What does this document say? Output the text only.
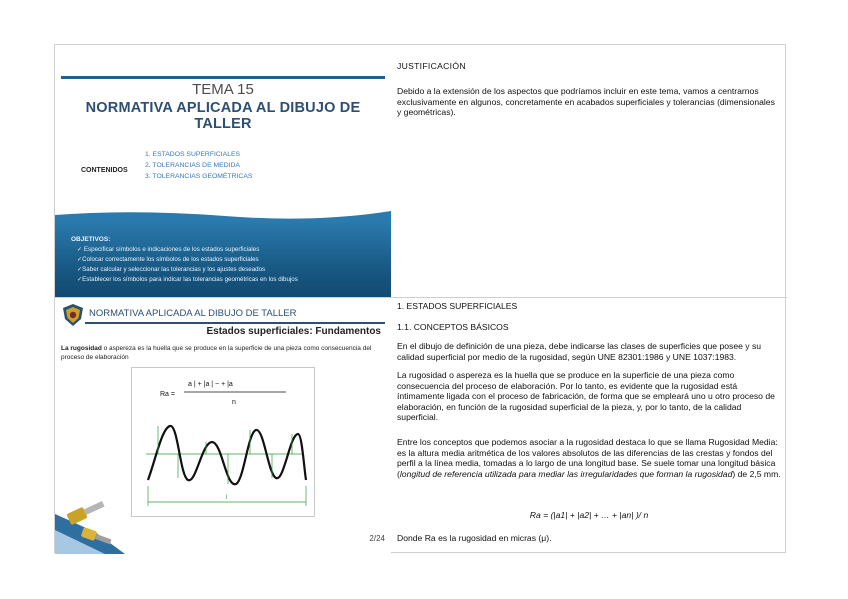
TEMA 15
NORMATIVA APLICADA AL DIBUJO DE TALLER
CONTENIDOS
1. ESTADOS SUPERFICIALES
2. TOLERANCIAS DE MEDIDA
3. TOLERANCIAS GEOMÉTRICAS
OBJETIVOS:
✓ Especificar símbolos e indicaciones de los estados superficiales
✓Colocar correctamente los símbolos de los estados superficiales
✓Saber calcular y seleccionar las tolerancias y los ajustes deseados
✓Establecer los símbolos para indicar las tolerancias geométricas en los dibujos
NORMATIVA APLICADA AL DIBUJO DE TALLER
Estados superficiales: Fundamentos
La rugosidad o aspereza es la huella que se produce en la superficie de una pieza como consecuencia del proceso de elaboración
Ra =
a | + |a | − + |a
n
l
2/24
JUSTIFICACIÓN

Debido a la extensión de los aspectos que podríamos incluir en este tema, vamos a centrarnos exclusivamente en algunos, concretamente en acabados superficiales y tolerancias (dimensionales y geométricas).

1. ESTADOS SUPERFICIALES
1.1. CONCEPTOS BÁSICOS

En el dibujo de definición de una pieza, debe indicarse las clases de superficies que posee y su calidad superficial por medio de la rugosidad, según UNE 82301:1986 y UNE 1037:1983.

La rugosidad o aspereza es la huella que se produce en la superficie de una pieza como consecuencia del proceso de elaboración. Por lo tanto, es evidente que la rugosidad está íntimamente ligada con el proceso de fabricación, de forma que se empleará uno u otro proceso de elaboración, en función de la rugosidad superficial de la pieza, y, por lo tanto, de la calidad superficial.

Entre los conceptos que podemos asociar a la rugosidad destaca lo que se llama Rugosidad Media: es la altura media aritmética de los valores absolutos de las diferencias de las crestas y fondos del perfil a la línea media, tomadas a lo largo de una longitud base. Se suele tomar una longitud básica (longitud de referencia utilizada para mediar las irregularidades que forman la rugosidad) de 2,5 mm.

Ra = (|a1| + |a2| + … + |an| )/ n

Donde Ra es la rugosidad en micras (μ).
